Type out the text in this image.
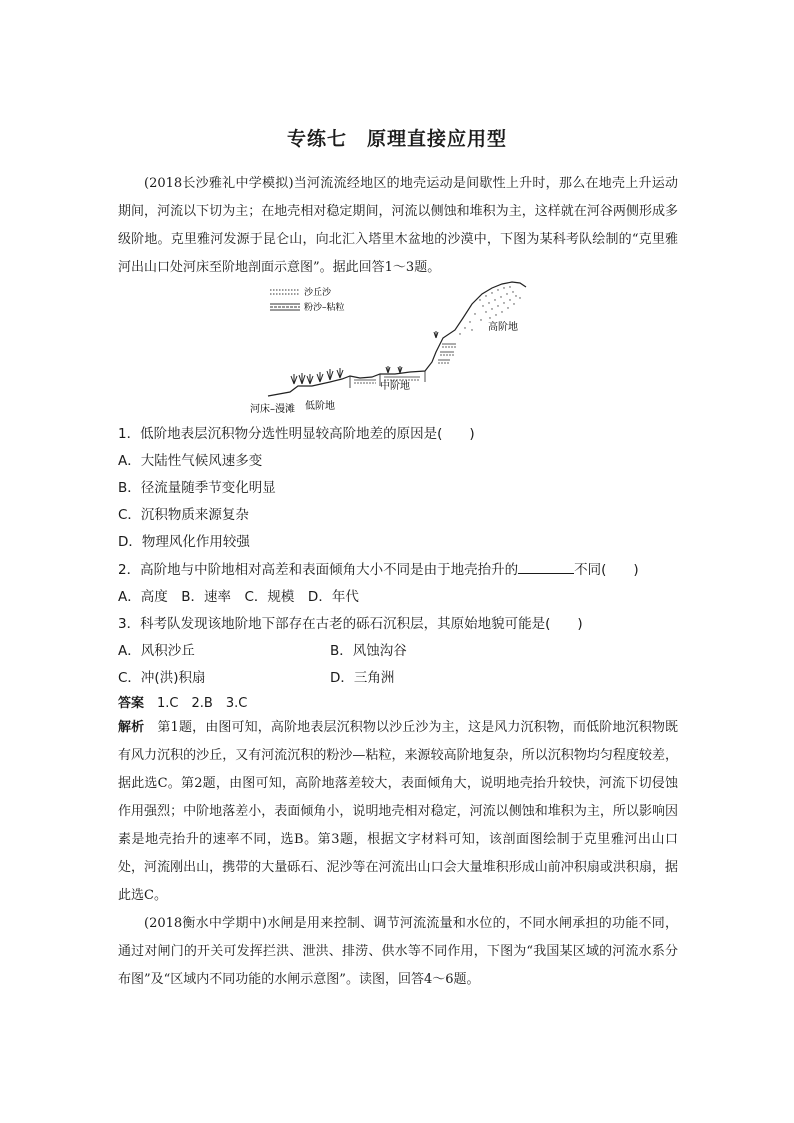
专练七　原理直接应用型
(2018长沙雅礼中学模拟)当河流流经地区的地壳运动是间歇性上升时，那么在地壳上升运动期间，河流以下切为主；在地壳相对稳定期间，河流以侧蚀和堆积为主，这样就在河谷两侧形成多级阶地。克里雅河发源于昆仑山，向北汇入塔里木盆地的沙漠中，下图为某科考队绘制的“克里雅河出山口处河床至阶地剖面示意图”。据此回答1～3题。
沙丘沙
粉沙–粘粒
高阶地
中阶地
低阶地
河床–漫滩
1．低阶地表层沉积物分选性明显较高阶地差的原因是(　　)
A．大陆性气候风速多变
B．径流量随季节变化明显
C．沉积物质来源复杂
D．物理风化作用较强
2．高阶地与中阶地相对高差和表面倾角大小不同是由于地壳抬升的	不同(　　)
A．高度　B．速率　C．规模　D．年代
3．科考队发现该地阶地下部存在古老的砾石沉积层，其原始地貌可能是(　　)
A．风积沙丘	B．风蚀沟谷
C．冲(洪)积扇	D．三角洲
答案　 1.C　2.B　3.C
解析　 第1题，由图可知，高阶地表层沉积物以沙丘沙为主，这是风力沉积物，而低阶地沉积物既有风力沉积的沙丘，又有河流沉积的粉沙—粘粒，来源较高阶地复杂，所以沉积物均匀程度较差，据此选C。第2题，由图可知，高阶地落差较大，表面倾角大，说明地壳抬升较快，河流下切侵蚀作用强烈；中阶地落差小，表面倾角小，说明地壳相对稳定，河流以侧蚀和堆积为主，所以影响因素是地壳抬升的速率不同，选B。第3题，根据文字材料可知，该剖面图绘制于克里雅河出山口处，河流刚出山，携带的大量砾石、泥沙等在河流出山口会大量堆积形成山前冲积扇或洪积扇，据此选C。
(2018衡水中学期中)水闸是用来控制、调节河流流量和水位的，不同水闸承担的功能不同，通过对闸门的开关可发挥拦洪、泄洪、排涝、供水等不同作用，下图为“我国某区域的河流水系分布图”及“区域内不同功能的水闸示意图”。读图，回答4～6题。
